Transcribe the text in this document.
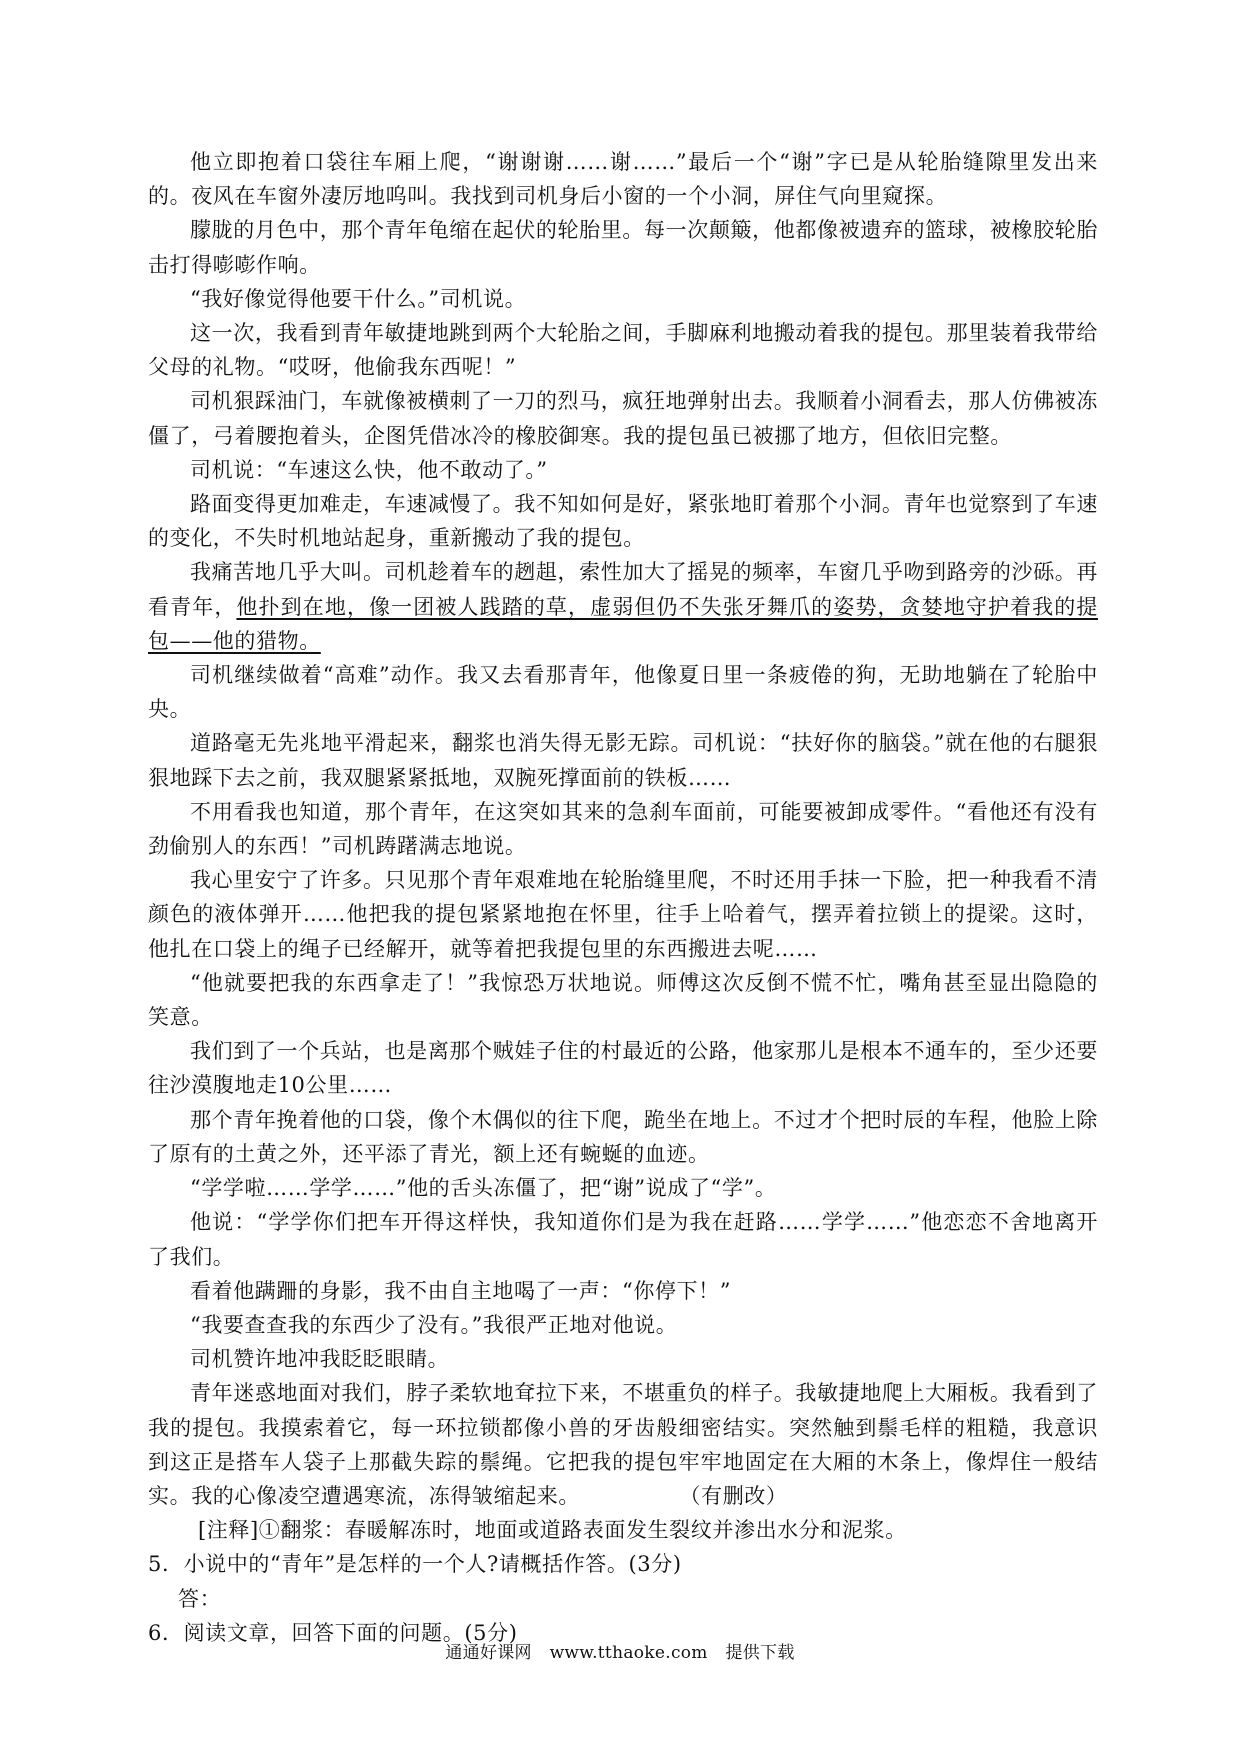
他立即抱着口袋往车厢上爬，“谢谢谢……谢……”最后一个“谢”字已是从轮胎缝隙里发出来的。夜风在车窗外凄厉地呜叫。我找到司机身后小窗的一个小洞，屏住气向里窥探。

朦胧的月色中，那个青年龟缩在起伏的轮胎里。每一次颠簸，他都像被遗弃的篮球，被橡胶轮胎击打得嘭嘭作响。

“我好像觉得他要干什么。”司机说。

这一次，我看到青年敏捷地跳到两个大轮胎之间，手脚麻利地搬动着我的提包。那里装着我带给父母的礼物。“哎呀，他偷我东西呢！”

司机狠踩油门，车就像被横刺了一刀的烈马，疯狂地弹射出去。我顺着小洞看去，那人仿佛被冻僵了，弓着腰抱着头，企图凭借冰冷的橡胶御寒。我的提包虽已被挪了地方，但依旧完整。

司机说：“车速这么快，他不敢动了。”

路面变得更加难走，车速减慢了。我不知如何是好，紧张地盯着那个小洞。青年也觉察到了车速的变化，不失时机地站起身，重新搬动了我的提包。

我痛苦地几乎大叫。司机趁着车的趔趄，索性加大了摇晃的频率，车窗几乎吻到路旁的沙砾。再看青年，他扑到在地，像一团被人践踏的草，虚弱但仍不失张牙舞爪的姿势，贪婪地守护着我的提包——他的猎物。

司机继续做着“高难”动作。我又去看那青年，他像夏日里一条疲倦的狗，无助地躺在了轮胎中央。

道路毫无先兆地平滑起来，翻浆也消失得无影无踪。司机说：“扶好你的脑袋。”就在他的右腿狠狠地踩下去之前，我双腿紧紧抵地，双腕死撑面前的铁板……

不用看我也知道，那个青年，在这突如其来的急刹车面前，可能要被卸成零件。“看他还有没有劲偷别人的东西！”司机踌躇满志地说。

我心里安宁了许多。只见那个青年艰难地在轮胎缝里爬，不时还用手抹一下脸，把一种我看不清颜色的液体弹开……他把我的提包紧紧地抱在怀里，往手上哈着气，摆弄着拉锁上的提梁。这时，他扎在口袋上的绳子已经解开，就等着把我提包里的东西搬进去呢……

“他就要把我的东西拿走了！”我惊恐万状地说。师傅这次反倒不慌不忙，嘴角甚至显出隐隐的笑意。

我们到了一个兵站，也是离那个贼娃子住的村最近的公路，他家那儿是根本不通车的，至少还要往沙漠腹地走10公里……

那个青年挽着他的口袋，像个木偶似的往下爬，跪坐在地上。不过才个把时辰的车程，他脸上除了原有的土黄之外，还平添了青光，额上还有蜿蜒的血迹。

“学学啦……学学……”他的舌头冻僵了，把“谢”说成了“学”。

他说：“学学你们把车开得这样快，我知道你们是为我在赶路……学学……”他恋恋不舍地离开了我们。

看着他蹒跚的身影，我不由自主地喝了一声：“你停下！”

“我要查查我的东西少了没有。”我很严正地对他说。

司机赞许地冲我眨眨眼睛。

青年迷惑地面对我们，脖子柔软地耷拉下来，不堪重负的样子。我敏捷地爬上大厢板。我看到了我的提包。我摸索着它，每一环拉锁都像小兽的牙齿般细密结实。突然触到鬃毛样的粗糙，我意识到这正是搭车人袋子上那截失踪的鬃绳。它把我的提包牢牢地固定在大厢的木条上，像焊住一般结实。我的心像凌空遭遇寒流，冻得皱缩起来。	（有删改）

[注释]①翻浆：春暖解冻时，地面或道路表面发生裂纹并渗出水分和泥浆。

5．小说中的“青年”是怎样的一个人?请概括作答。(3分)

答：

6．阅读文章，回答下面的问题。(5分)

通通好课网 www.tthaoke.com 提供下载
